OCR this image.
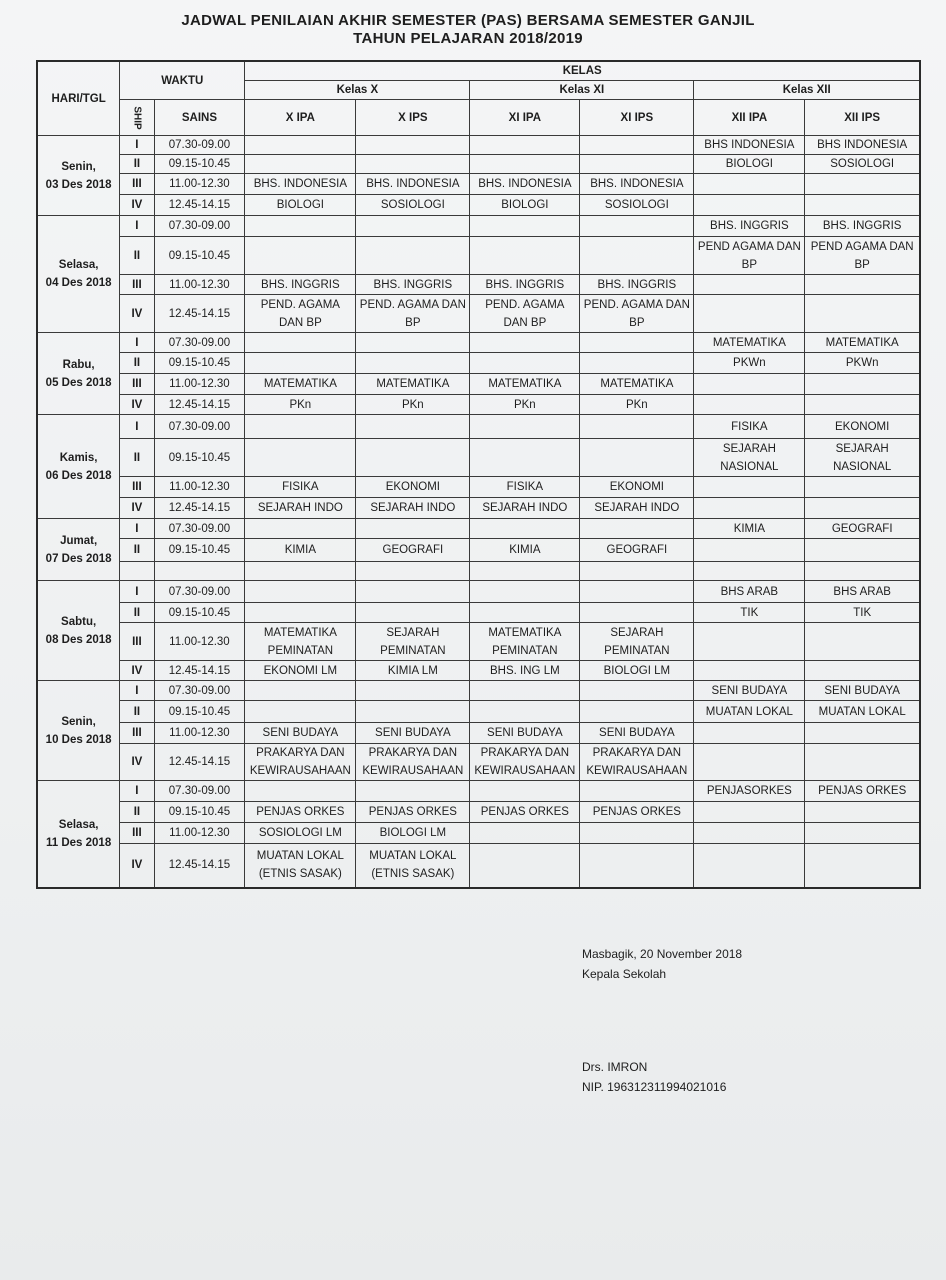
JADWAL PENILAIAN AKHIR SEMESTER (PAS) BERSAMA SEMESTER GANJIL
TAHUN PELAJARAN 2018/2019
HARI/TGL	WAKTU		KELAS					
			Kelas X		Kelas XI		Kelas XII	
	SHIP	SAINS	X IPA	X IPS	XI IPA	XI IPS	XII IPA	XII IPS

Senin,
03 Des 2018	I	07.30-09.00					BHS INDONESIA	BHS INDONESIA
	II	09.15-10.45					BIOLOGI	SOSIOLOGI
	III	11.00-12.30	BHS. INDONESIA	BHS. INDONESIA	BHS. INDONESIA	BHS. INDONESIA		
	IV	12.45-14.15	BIOLOGI	SOSIOLOGI	BIOLOGI	SOSIOLOGI		

Selasa,
04 Des 2018	I	07.30-09.00					BHS. INGGRIS	BHS. INGGRIS
	II	09.15-10.45					PEND AGAMA DAN BP	PEND AGAMA DAN BP
	III	11.00-12.30	BHS. INGGRIS	BHS. INGGRIS	BHS. INGGRIS	BHS. INGGRIS		
	IV	12.45-14.15	PEND. AGAMA DAN BP	PEND. AGAMA DAN BP	PEND. AGAMA DAN BP	PEND. AGAMA DAN BP		

Rabu,
05 Des 2018	I	07.30-09.00					MATEMATIKA	MATEMATIKA
	II	09.15-10.45					PKWn	PKWn
	III	11.00-12.30	MATEMATIKA	MATEMATIKA	MATEMATIKA	MATEMATIKA		
	IV	12.45-14.15	PKn	PKn	PKn	PKn		

Kamis,
06 Des 2018	I	07.30-09.00					FISIKA	EKONOMI
	II	09.15-10.45					SEJARAH NASIONAL	SEJARAH NASIONAL
	III	11.00-12.30	FISIKA	EKONOMI	FISIKA	EKONOMI		
	IV	12.45-14.15	SEJARAH INDO	SEJARAH INDO	SEJARAH INDO	SEJARAH INDO		

Jumat,
07 Des 2018	I	07.30-09.00					KIMIA	GEOGRAFI
	II	09.15-10.45	KIMIA	GEOGRAFI	KIMIA	GEOGRAFI		

Sabtu,
08 Des 2018	I	07.30-09.00					BHS ARAB	BHS ARAB
	II	09.15-10.45					TIK	TIK
	III	11.00-12.30	MATEMATIKA PEMINATAN	SEJARAH PEMINATAN	MATEMATIKA PEMINATAN	SEJARAH PEMINATAN		
	IV	12.45-14.15	EKONOMI LM	KIMIA LM	BHS. ING LM	BIOLOGI LM		

Senin,
10 Des 2018	I	07.30-09.00					SENI BUDAYA	SENI BUDAYA
	II	09.15-10.45					MUATAN LOKAL	MUATAN LOKAL
	III	11.00-12.30	SENI BUDAYA	SENI BUDAYA	SENI BUDAYA	SENI BUDAYA		
	IV	12.45-14.15	PRAKARYA DAN KEWIRAUSAHAAN	PRAKARYA DAN KEWIRAUSAHAAN	PRAKARYA DAN KEWIRAUSAHAAN	PRAKARYA DAN KEWIRAUSAHAAN		

Selasa,
11 Des 2018	I	07.30-09.00					PENJASORKES	PENJAS ORKES
	II	09.15-10.45	PENJAS ORKES	PENJAS ORKES	PENJAS ORKES	PENJAS ORKES		
	III	11.00-12.30	SOSIOLOGI LM	BIOLOGI LM				
	IV	12.45-14.15	MUATAN LOKAL (ETNIS SASAK)	MUATAN LOKAL (ETNIS SASAK)				
Masbagik, 20 November 2018
Kepala Sekolah
Drs. IMRON
NIP. 196312311994021016
